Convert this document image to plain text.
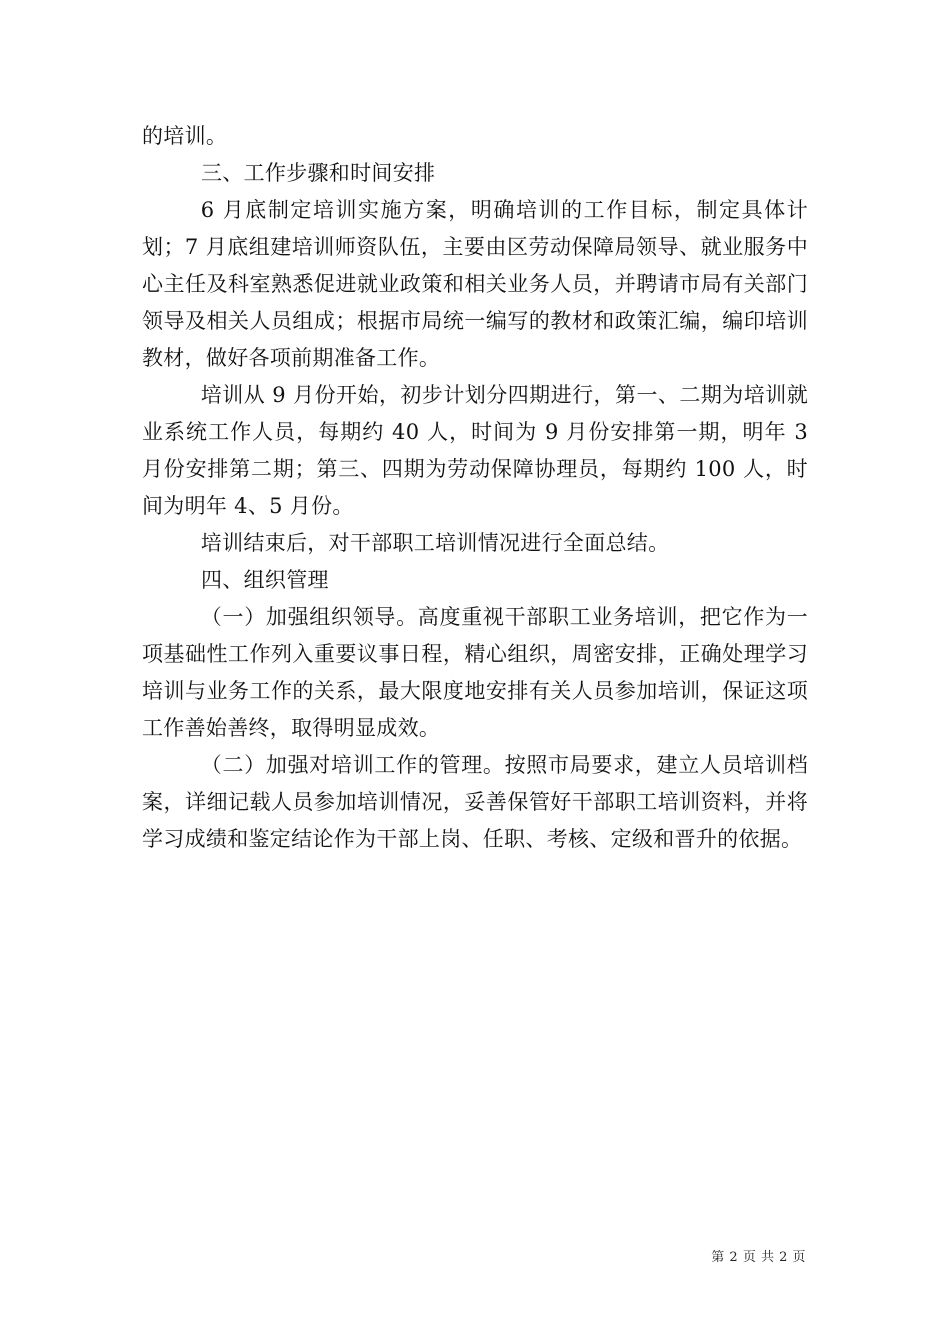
的培训。

三、工作步骤和时间安排

6 月底制定培训实施方案，明确培训的工作目标，制定具体计划；7 月底组建培训师资队伍，主要由区劳动保障局领导、就业服务中心主任及科室熟悉促进就业政策和相关业务人员，并聘请市局有关部门领导及相关人员组成；根据市局统一编写的教材和政策汇编，编印培训教材，做好各项前期准备工作。

培训从 9 月份开始，初步计划分四期进行，第一、二期为培训就业系统工作人员，每期约 40 人，时间为 9 月份安排第一期，明年 3 月份安排第二期；第三、四期为劳动保障协理员，每期约 100 人，时间为明年 4、5 月份。

培训结束后，对干部职工培训情况进行全面总结。

四、组织管理

（一）加强组织领导。高度重视干部职工业务培训，把它作为一项基础性工作列入重要议事日程，精心组织，周密安排，正确处理学习培训与业务工作的关系，最大限度地安排有关人员参加培训，保证这项工作善始善终，取得明显成效。

（二）加强对培训工作的管理。按照市局要求，建立人员培训档案，详细记载人员参加培训情况，妥善保管好干部职工培训资料，并将学习成绩和鉴定结论作为干部上岗、任职、考核、定级和晋升的依据。

第 2 页 共 2 页
